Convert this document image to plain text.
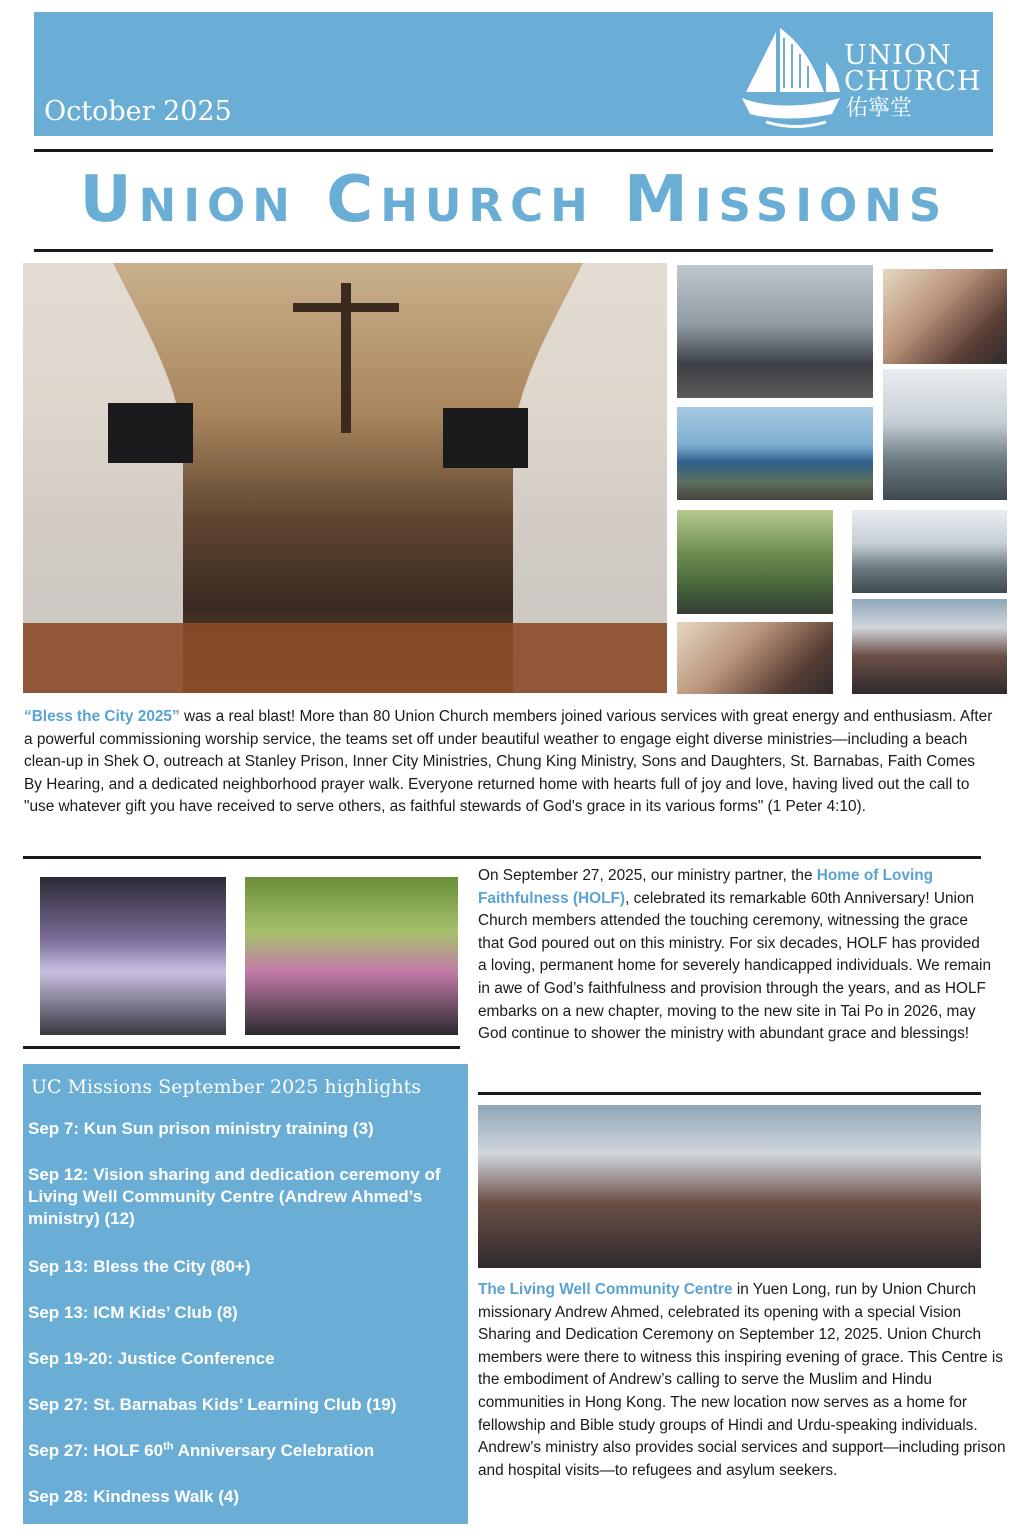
October 2025
UNION
CHURCH
佑寧堂
Union Church Missions
“Bless the City 2025” was a real blast! More than 80 Union Church members joined various services with great energy and enthusiasm. After a powerful commissioning worship service, the teams set off under beautiful weather to engage eight diverse ministries—including a beach clean-up in Shek O, outreach at Stanley Prison, Inner City Ministries, Chung King Ministry, Sons and Daughters, St. Barnabas, Faith Comes By Hearing, and a dedicated neighborhood prayer walk. Everyone returned home with hearts full of joy and love, having lived out the call to "use whatever gift you have received to serve others, as faithful stewards of God's grace in its various forms" (1 Peter 4:10).
On September 27, 2025, our ministry partner, the Home of Loving Faithfulness (HOLF), celebrated its remarkable 60th Anniversary! Union Church members attended the touching ceremony, witnessing the grace that God poured out on this ministry. For six decades, HOLF has provided a loving, permanent home for severely handicapped individuals. We remain in awe of God’s faithfulness and provision through the years, and as HOLF embarks on a new chapter, moving to the new site in Tai Po in 2026, may God continue to shower the ministry with abundant grace and blessings!
UC Missions September 2025 highlights
Sep 7: Kun Sun prison ministry training (3)
Sep 12: Vision sharing and dedication ceremony of Living Well Community Centre (Andrew Ahmed’s ministry) (12)
Sep 13: Bless the City (80+)
Sep 13: ICM Kids’ Club (8)
Sep 19-20: Justice Conference
Sep 27: St. Barnabas Kids’ Learning Club (19)
Sep 27: HOLF 60th Anniversary Celebration
Sep 28: Kindness Walk (4)
The Living Well Community Centre in Yuen Long, run by Union Church missionary Andrew Ahmed, celebrated its opening with a special Vision Sharing and Dedication Ceremony on September 12, 2025. Union Church members were there to witness this inspiring evening of grace. This Centre is the embodiment of Andrew’s calling to serve the Muslim and Hindu communities in Hong Kong. The new location now serves as a home for fellowship and Bible study groups of Hindi and Urdu-speaking individuals. Andrew’s ministry also provides social services and support—including prison and hospital visits—to refugees and asylum seekers.
